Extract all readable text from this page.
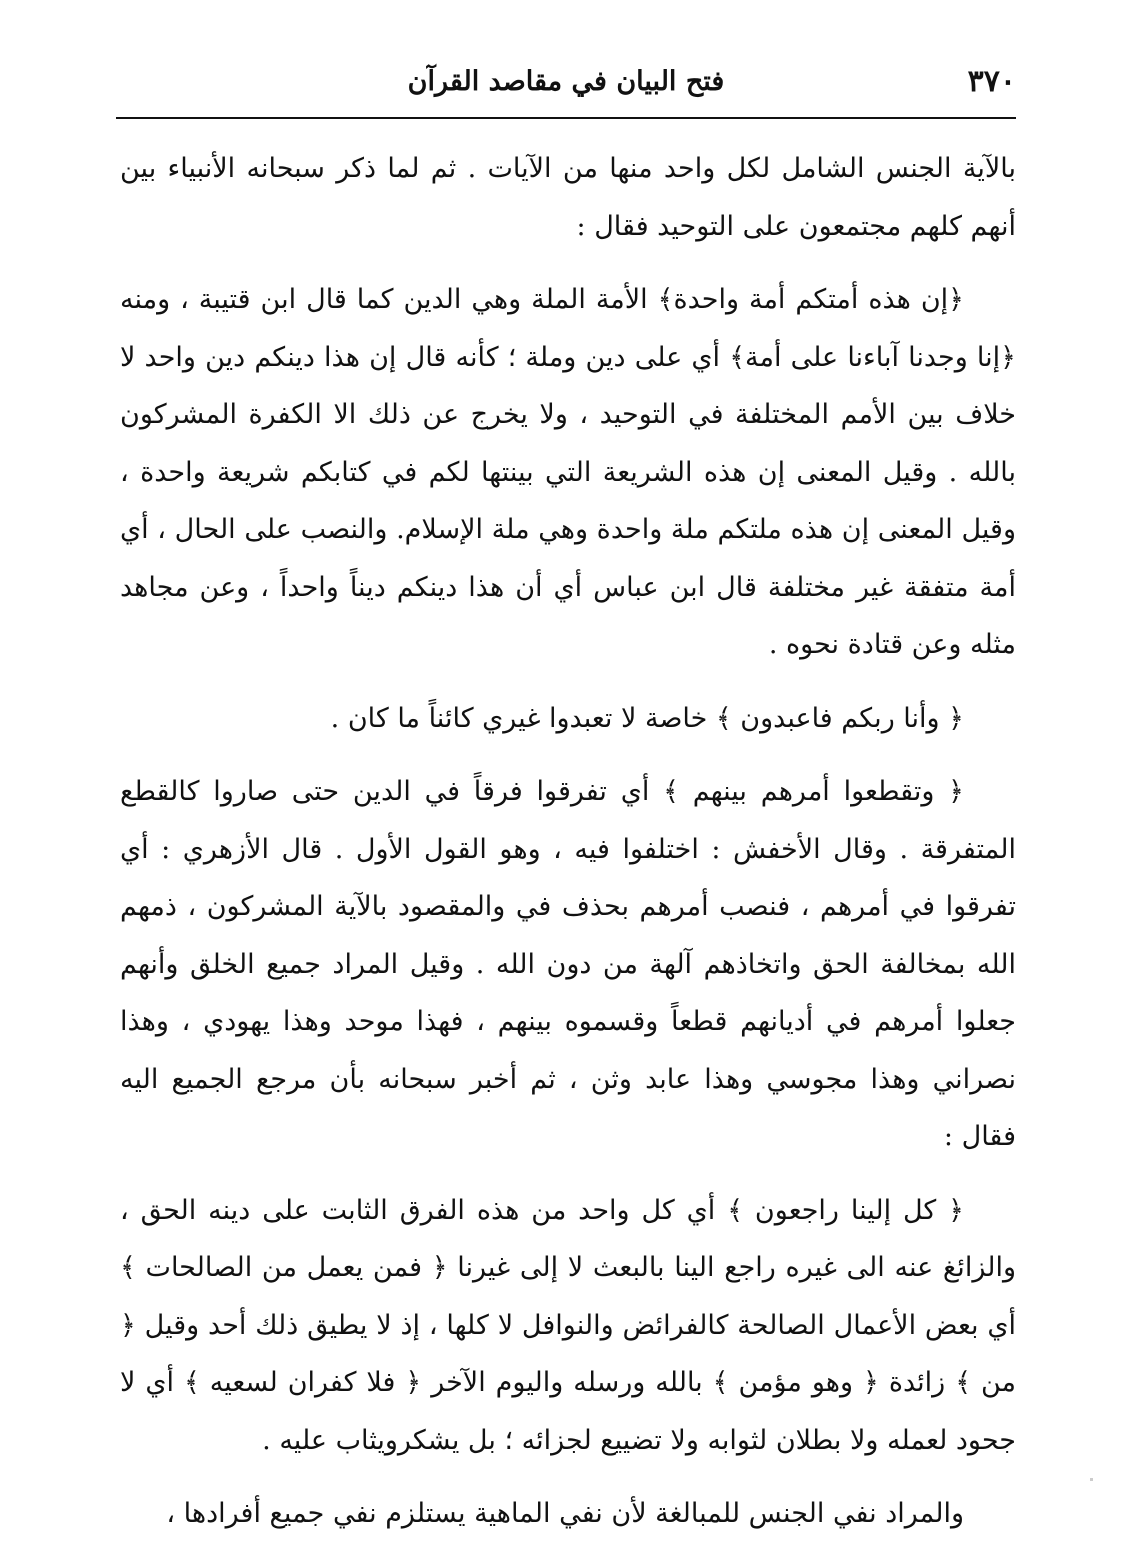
٣٧٠
فتح البيان في مقاصد القرآن

بالآية الجنس الشامل لكل واحد منها من الآيات . ثم لما ذكر سبحانه الأنبياء بين أنهم كلهم مجتمعون على التوحيد فقال :

﴿إن هذه أمتكم أمة واحدة﴾ الأمة الملة وهي الدين كما قال ابن قتيبة ، ومنه ﴿إنا وجدنا آباءنا على أمة﴾ أي على دين وملة ؛ كأنه قال إن هذا دينكم دين واحد لا خلاف بين الأمم المختلفة في التوحيد ، ولا يخرج عن ذلك الا الكفرة المشركون بالله . وقيل المعنى إن هذه الشريعة التي بينتها لكم في كتابكم شريعة واحدة ، وقيل المعنى إن هذه ملتكم ملة واحدة وهي ملة الإسلام. والنصب على الحال ، أي أمة متفقة غير مختلفة قال ابن عباس أي أن هذا دينكم ديناً واحداً ، وعن مجاهد مثله وعن قتادة نحوه .

﴿ وأنا ربكم فاعبدون ﴾ خاصة لا تعبدوا غيري كائناً ما كان .

﴿ وتقطعوا أمرهم بينهم ﴾ أي تفرقوا فرقاً في الدين حتى صاروا كالقطع المتفرقة . وقال الأخفش : اختلفوا فيه ، وهو القول الأول . قال الأزهري : أي تفرقوا في أمرهم ، فنصب أمرهم بحذف في والمقصود بالآية المشركون ، ذمهم الله بمخالفة الحق واتخاذهم آلهة من دون الله . وقيل المراد جميع الخلق وأنهم جعلوا أمرهم في أديانهم قطعاً وقسموه بينهم ، فهذا موحد وهذا يهودي ، وهذا نصراني وهذا مجوسي وهذا عابد وثن ، ثم أخبر سبحانه بأن مرجع الجميع اليه فقال :

﴿ كل إلينا راجعون ﴾ أي كل واحد من هذه الفرق الثابت على دينه الحق ، والزائغ عنه الى غيره راجع الينا بالبعث لا إلى غيرنا ﴿ فمن يعمل من الصالحات ﴾ أي بعض الأعمال الصالحة كالفرائض والنوافل لا كلها ، إذ لا يطيق ذلك أحد وقيل ﴿ من ﴾ زائدة ﴿ وهو مؤمن ﴾ بالله ورسله واليوم الآخر ﴿ فلا كفران لسعيه ﴾ أي لا جحود لعمله ولا بطلان لثوابه ولا تضييع لجزائه ؛ بل يشكرويثاب عليه .

والمراد نفي الجنس للمبالغة لأن نفي الماهية يستلزم نفي جميع أفرادها ،
